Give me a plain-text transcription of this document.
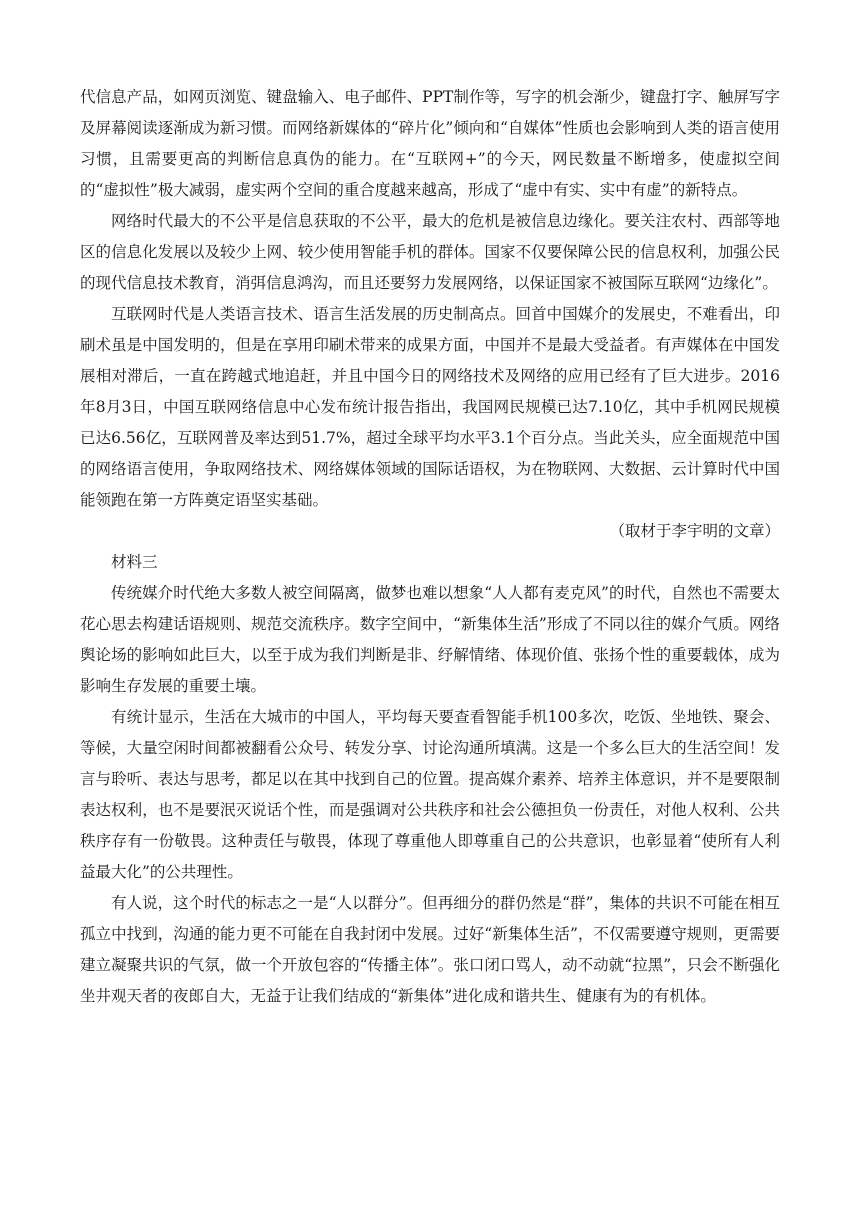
代信息产品，如网页浏览、键盘输入、电子邮件、PPT制作等，写字的机会渐少，键盘打字、触屏写字及屏幕阅读逐渐成为新习惯。而网络新媒体的“碎片化”倾向和“自媒体”性质也会影响到人类的语言使用习惯，且需要更高的判断信息真伪的能力。在“互联网+”的今天，网民数量不断增多，使虚拟空间的“虚拟性”极大减弱，虚实两个空间的重合度越来越高，形成了“虚中有实、实中有虚”的新特点。

网络时代最大的不公平是信息获取的不公平，最大的危机是被信息边缘化。要关注农村、西部等地区的信息化发展以及较少上网、较少使用智能手机的群体。国家不仅要保障公民的信息权利，加强公民的现代信息技术教育，消弭信息鸿沟，而且还要努力发展网络，以保证国家不被国际互联网“边缘化”。

互联网时代是人类语言技术、语言生活发展的历史制高点。回首中国媒介的发展史，不难看出，印刷术虽是中国发明的，但是在享用印刷术带来的成果方面，中国并不是最大受益者。有声媒体在中国发展相对滞后，一直在跨越式地追赶，并且中国今日的网络技术及网络的应用已经有了巨大进步。2016年8月3日，中国互联网络信息中心发布统计报告指出，我国网民规模已达7.10亿，其中手机网民规模已达6.56亿，互联网普及率达到51.7%，超过全球平均水平3.1个百分点。当此关头，应全面规范中国的网络语言使用，争取网络技术、网络媒体领域的国际话语权，为在物联网、大数据、云计算时代中国能领跑在第一方阵奠定语坚实基础。

（取材于李宇明的文章）

材料三

传统媒介时代绝大多数人被空间隔离，做梦也难以想象“人人都有麦克风”的时代，自然也不需要太花心思去构建话语规则、规范交流秩序。数字空间中，“新集体生活”形成了不同以往的媒介气质。网络舆论场的影响如此巨大，以至于成为我们判断是非、纾解情绪、体现价值、张扬个性的重要载体，成为影响生存发展的重要土壤。

有统计显示，生活在大城市的中国人，平均每天要查看智能手机100多次，吃饭、坐地铁、聚会、等候，大量空闲时间都被翻看公众号、转发分享、讨论沟通所填满。这是一个多么巨大的生活空间！发言与聆听、表达与思考，都足以在其中找到自己的位置。提高媒介素养、培养主体意识，并不是要限制表达权利，也不是要泯灭说话个性，而是强调对公共秩序和社会公德担负一份责任，对他人权利、公共秩序存有一份敬畏。这种责任与敬畏，体现了尊重他人即尊重自己的公共意识，也彰显着“使所有人利益最大化”的公共理性。

有人说，这个时代的标志之一是“人以群分”。但再细分的群仍然是“群”，集体的共识不可能在相互孤立中找到，沟通的能力更不可能在自我封闭中发展。过好“新集体生活”，不仅需要遵守规则，更需要建立凝聚共识的气氛，做一个开放包容的“传播主体”。张口闭口骂人，动不动就“拉黑”，只会不断强化坐井观天者的夜郎自大，无益于让我们结成的“新集体”进化成和谐共生、健康有为的有机体。
